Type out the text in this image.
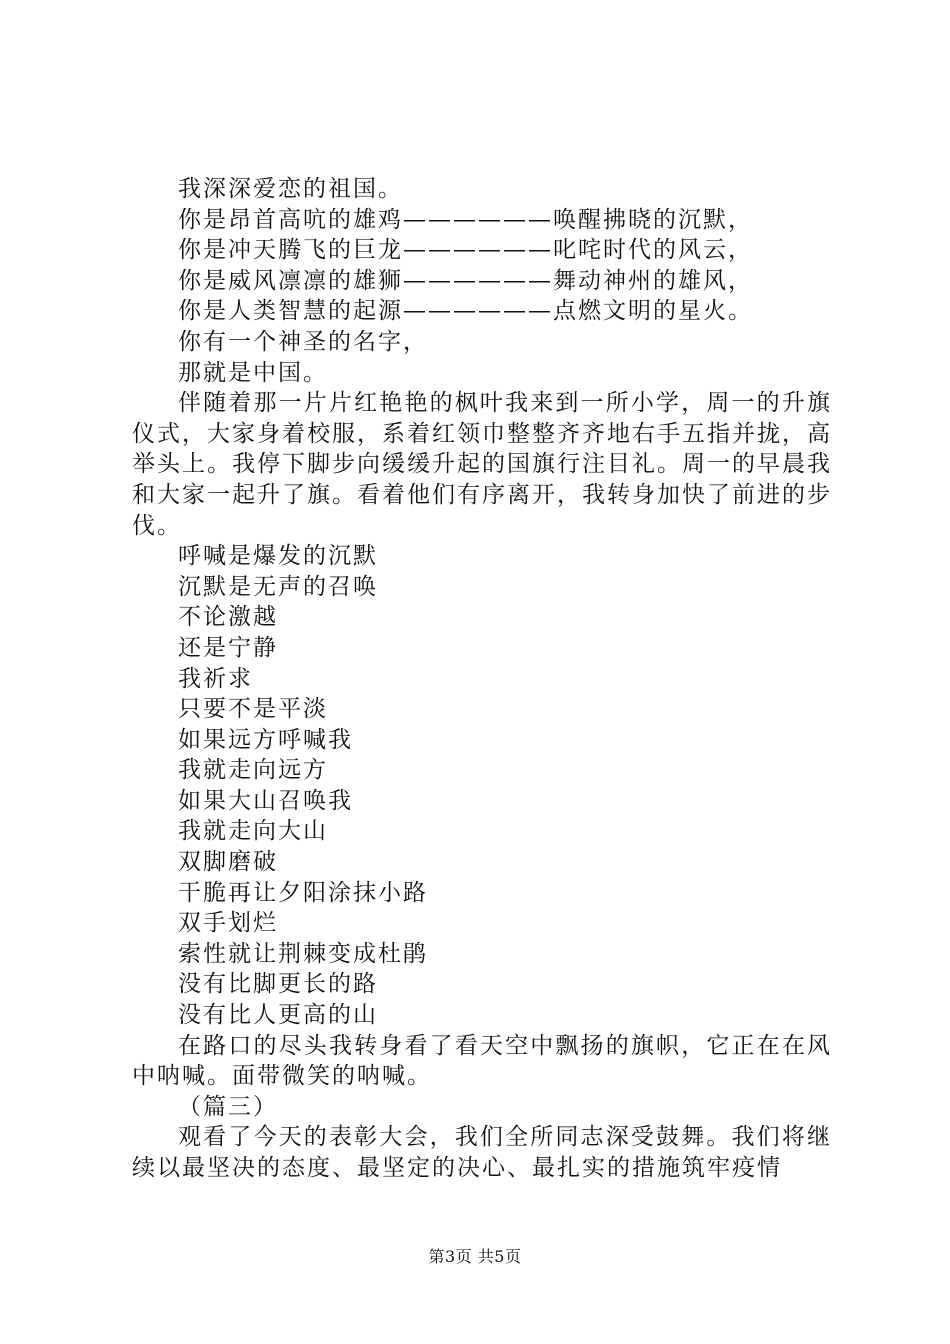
我深深爱恋的祖国。

你是昂首高吭的雄鸡——————唤醒拂晓的沉默，

你是冲天腾飞的巨龙——————叱咤时代的风云，

你是威风凛凛的雄狮——————舞动神州的雄风，

你是人类智慧的起源——————点燃文明的星火。

你有一个神圣的名字，

那就是中国。

伴随着那一片片红艳艳的枫叶我来到一所小学，周一的升旗仪式，大家身着校服，系着红领巾整整齐齐地右手五指并拢，高举头上。我停下脚步向缓缓升起的国旗行注目礼。周一的早晨我和大家一起升了旗。看着他们有序离开，我转身加快了前进的步伐。

呼喊是爆发的沉默

沉默是无声的召唤

不论激越

还是宁静

我祈求

只要不是平淡

如果远方呼喊我

我就走向远方

如果大山召唤我

我就走向大山

双脚磨破

干脆再让夕阳涂抹小路

双手划烂

索性就让荆棘变成杜鹃

没有比脚更长的路

没有比人更高的山

在路口的尽头我转身看了看天空中飘扬的旗帜，它正在在风中呐喊。面带微笑的呐喊。

（篇三）

观看了今天的表彰大会，我们全所同志深受鼓舞。我们将继续以最坚决的态度、最坚定的决心、最扎实的措施筑牢疫情

第3页 共5页
